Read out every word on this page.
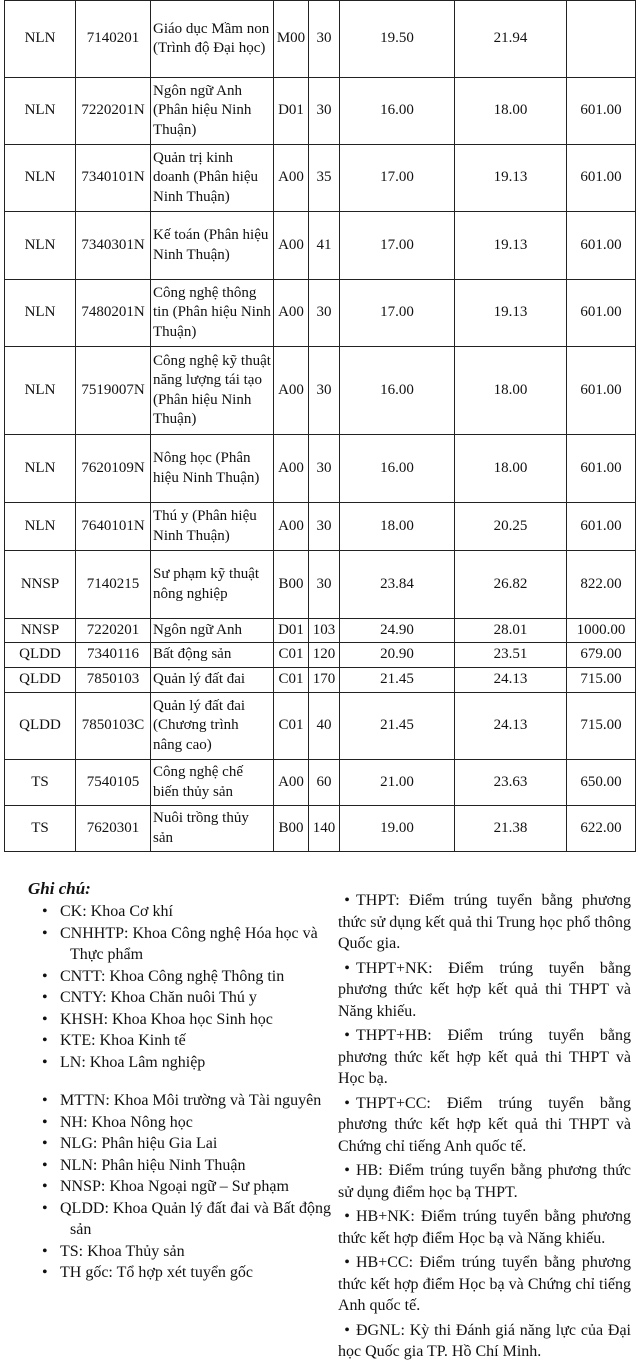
NLN	7140201	Giáo dục Mầm non (Trình độ Đại học)	M00	30	19.50	21.94	
NLN	7220201N	Ngôn ngữ Anh (Phân hiệu Ninh Thuận)	D01	30	16.00	18.00	601.00
NLN	7340101N	Quản trị kinh doanh (Phân hiệu Ninh Thuận)	A00	35	17.00	19.13	601.00
NLN	7340301N	Kế toán (Phân hiệu Ninh Thuận)	A00	41	17.00	19.13	601.00
NLN	7480201N	Công nghệ thông tin (Phân hiệu Ninh Thuận)	A00	30	17.00	19.13	601.00
NLN	7519007N	Công nghệ kỹ thuật năng lượng tái tạo (Phân hiệu Ninh Thuận)	A00	30	16.00	18.00	601.00
NLN	7620109N	Nông học (Phân hiệu Ninh Thuận)	A00	30	16.00	18.00	601.00
NLN	7640101N	Thú y (Phân hiệu Ninh Thuận)	A00	30	18.00	20.25	601.00
NNSP	7140215	Sư phạm kỹ thuật nông nghiệp	B00	30	23.84	26.82	822.00
NNSP	7220201	Ngôn ngữ Anh	D01	103	24.90	28.01	1000.00
QLDD	7340116	Bất động sản	C01	120	20.90	23.51	679.00
QLDD	7850103	Quản lý đất đai	C01	170	21.45	24.13	715.00
QLDD	7850103C	Quản lý đất đai (Chương trình nâng cao)	C01	40	21.45	24.13	715.00
TS	7540105	Công nghệ chế biến thủy sản	A00	60	21.00	23.63	650.00
TS	7620301	Nuôi trồng thủy sản	B00	140	19.00	21.38	622.00

Ghi chú:

• CK: Khoa Cơ khí
• CNHHTP: Khoa Công nghệ Hóa học và Thực phẩm
• CNTT: Khoa Công nghệ Thông tin
• CNTY: Khoa Chăn nuôi Thú y
• KHSH: Khoa Khoa học Sinh học
• KTE: Khoa Kinh tế
• LN: Khoa Lâm nghiệp
• MTTN: Khoa Môi trường và Tài nguyên
• NH: Khoa Nông học
• NLG: Phân hiệu Gia Lai
• NLN: Phân hiệu Ninh Thuận
• NNSP: Khoa Ngoại ngữ – Sư phạm
• QLDD: Khoa Quản lý đất đai và Bất động sản
• TS: Khoa Thủy sản
• TH gốc: Tổ hợp xét tuyển gốc
• THPT: Điểm trúng tuyển bằng phương thức sử dụng kết quả thi Trung học phổ thông Quốc gia.
• THPT+NK: Điểm trúng tuyển bằng phương thức kết hợp kết quả thi THPT và Năng khiếu.
• THPT+HB: Điểm trúng tuyển bằng phương thức kết hợp kết quả thi THPT và Học bạ.
• THPT+CC: Điểm trúng tuyển bằng phương thức kết hợp kết quả thi THPT và Chứng chỉ tiếng Anh quốc tế.
• HB: Điểm trúng tuyển bằng phương thức sử dụng điểm học bạ THPT.
• HB+NK: Điểm trúng tuyển bằng phương thức kết hợp điểm Học bạ và Năng khiếu.
• HB+CC: Điểm trúng tuyển bằng phương thức kết hợp điểm Học bạ và Chứng chỉ tiếng Anh quốc tế.
• ĐGNL: Kỳ thi Đánh giá năng lực của Đại học Quốc gia TP. Hồ Chí Minh.
